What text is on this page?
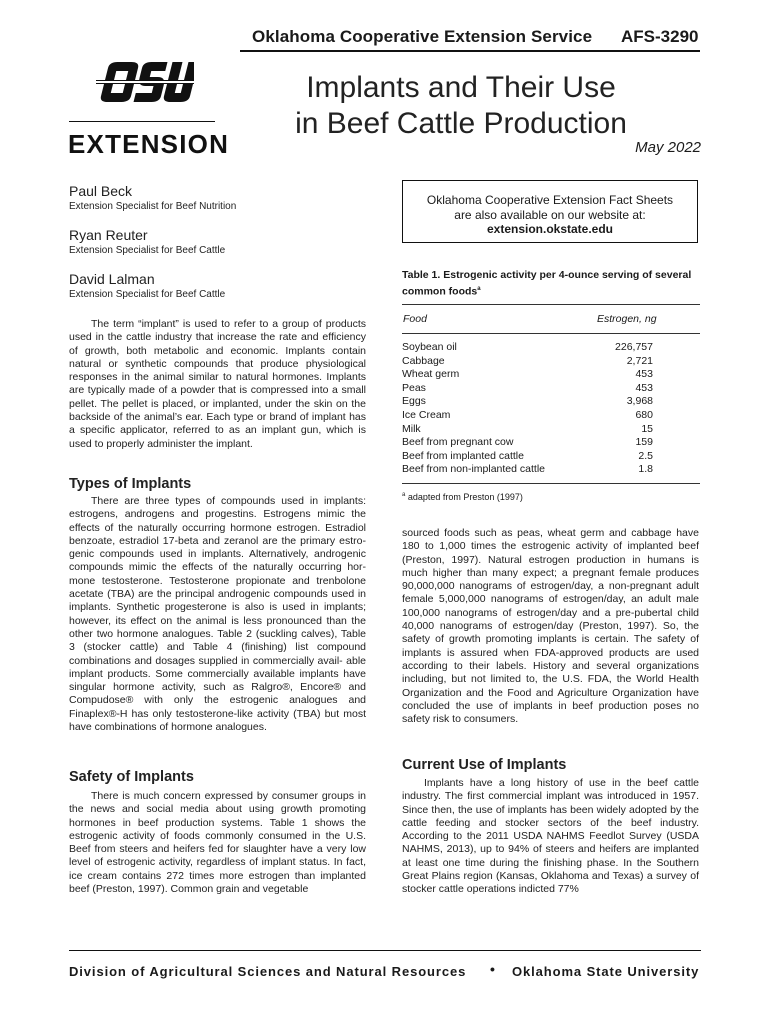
Oklahoma Cooperative Extension Service AFS-3290
EXTENSION
Implants and Their Use
in Beef Cattle Production
May 2022
Paul Beck
Extension Specialist for Beef Nutrition
Ryan Reuter
Extension Specialist for Beef Cattle
David Lalman
Extension Specialist for Beef Cattle

The term “implant” is used to refer to a group of products used in the cattle industry that increase the rate and efficiency of growth, both metabolic and economic. Implants contain natural or synthetic compounds that produce physiological responses in the animal similar to natural hormones. Implants are typically made of a powder that is compressed into a small pellet. The pellet is placed, or implanted, under the skin on the backside of the animal’s ear. Each type or brand of implant has a specific applicator, referred to as an implant gun, which is used to properly administer the implant.

Types of Implants

There are three types of compounds used in implants: estrogens, androgens and progestins. Estrogens mimic the effects of the naturally occurring hormone estrogen. Estradiol benzoate, estradiol 17-beta and zeranol are the primary estro- genic compounds used in implants. Alternatively, androgenic compounds mimic the effects of the naturally occurring hor- mone testosterone. Testosterone propionate and trenbolone acetate (TBA) are the principal androgenic compounds used in implants. Synthetic progesterone is also is used in implants; however, its effect on the animal is less pronounced than the other two hormone analogues. Table 2 (suckling calves), Table 3 (stocker cattle) and Table 4 (finishing) list compound combinations and dosages supplied in commercially avail- able implant products. Some commercially available implants have singular hormone activity, such as Ralgro®, Encore® and Compudose® with only the estrogenic analogues and Finaplex®-H has only testosterone-like activity (TBA) but most have combinations of hormone analogues.

Safety of Implants

There is much concern expressed by consumer groups in the news and social media about using growth promoting hormones in beef production systems. Table 1 shows the estrogenic activity of foods commonly consumed in the U.S. Beef from steers and heifers fed for slaughter have a very low level of estrogenic activity, regardless of implant status. In fact, ice cream contains 272 times more estrogen than implanted beef (Preston, 1997). Common grain and vegetable

Oklahoma Cooperative Extension Fact Sheets
are also available on our website at:
extension.okstate.edu
Table 1. Estrogenic activity per 4-ounce serving of several common foods$^a$
Food	Estrogen, ng
Soybean oil	226,757
Cabbage	2,721
Wheat germ	453
Peas	453
Eggs	3,968
Ice Cream	680
Milk	15
Beef from pregnant cow	159
Beef from implanted cattle	2.5
Beef from non-implanted cattle	1.8
$^a$ adapted from Preston (1997)

sourced foods such as peas, wheat germ and cabbage have 180 to 1,000 times the estrogenic activity of implanted beef (Preston, 1997). Natural estrogen production in humans is much higher than many expect; a pregnant female produces 90,000,000 nanograms of estrogen/day, a non-pregnant adult female 5,000,000 nanograms of estrogen/day, an adult male 100,000 nanograms of estrogen/day and a pre-pubertal child 40,000 nanograms of estrogen/day (Preston, 1997). So, the safety of growth promoting implants is certain. The safety of implants is assured when FDA-approved products are used according to their labels. History and several organizations including, but not limited to, the U.S. FDA, the World Health Organization and the Food and Agriculture Organization have concluded the use of implants in beef production poses no safety risk to consumers.

Current Use of Implants

Implants have a long history of use in the beef cattle industry. The first commercial implant was introduced in 1957. Since then, the use of implants has been widely adopted by the cattle feeding and stocker sectors of the beef industry. According to the 2011 USDA NAHMS Feedlot Survey (USDA NAHMS, 2013), up to 94% of steers and heifers are implanted at least one time during the finishing phase. In the Southern Great Plains region (Kansas, Oklahoma and Texas) a survey of stocker cattle operations indicted 77%

Division of Agricultural Sciences and Natural Resources • Oklahoma State University
